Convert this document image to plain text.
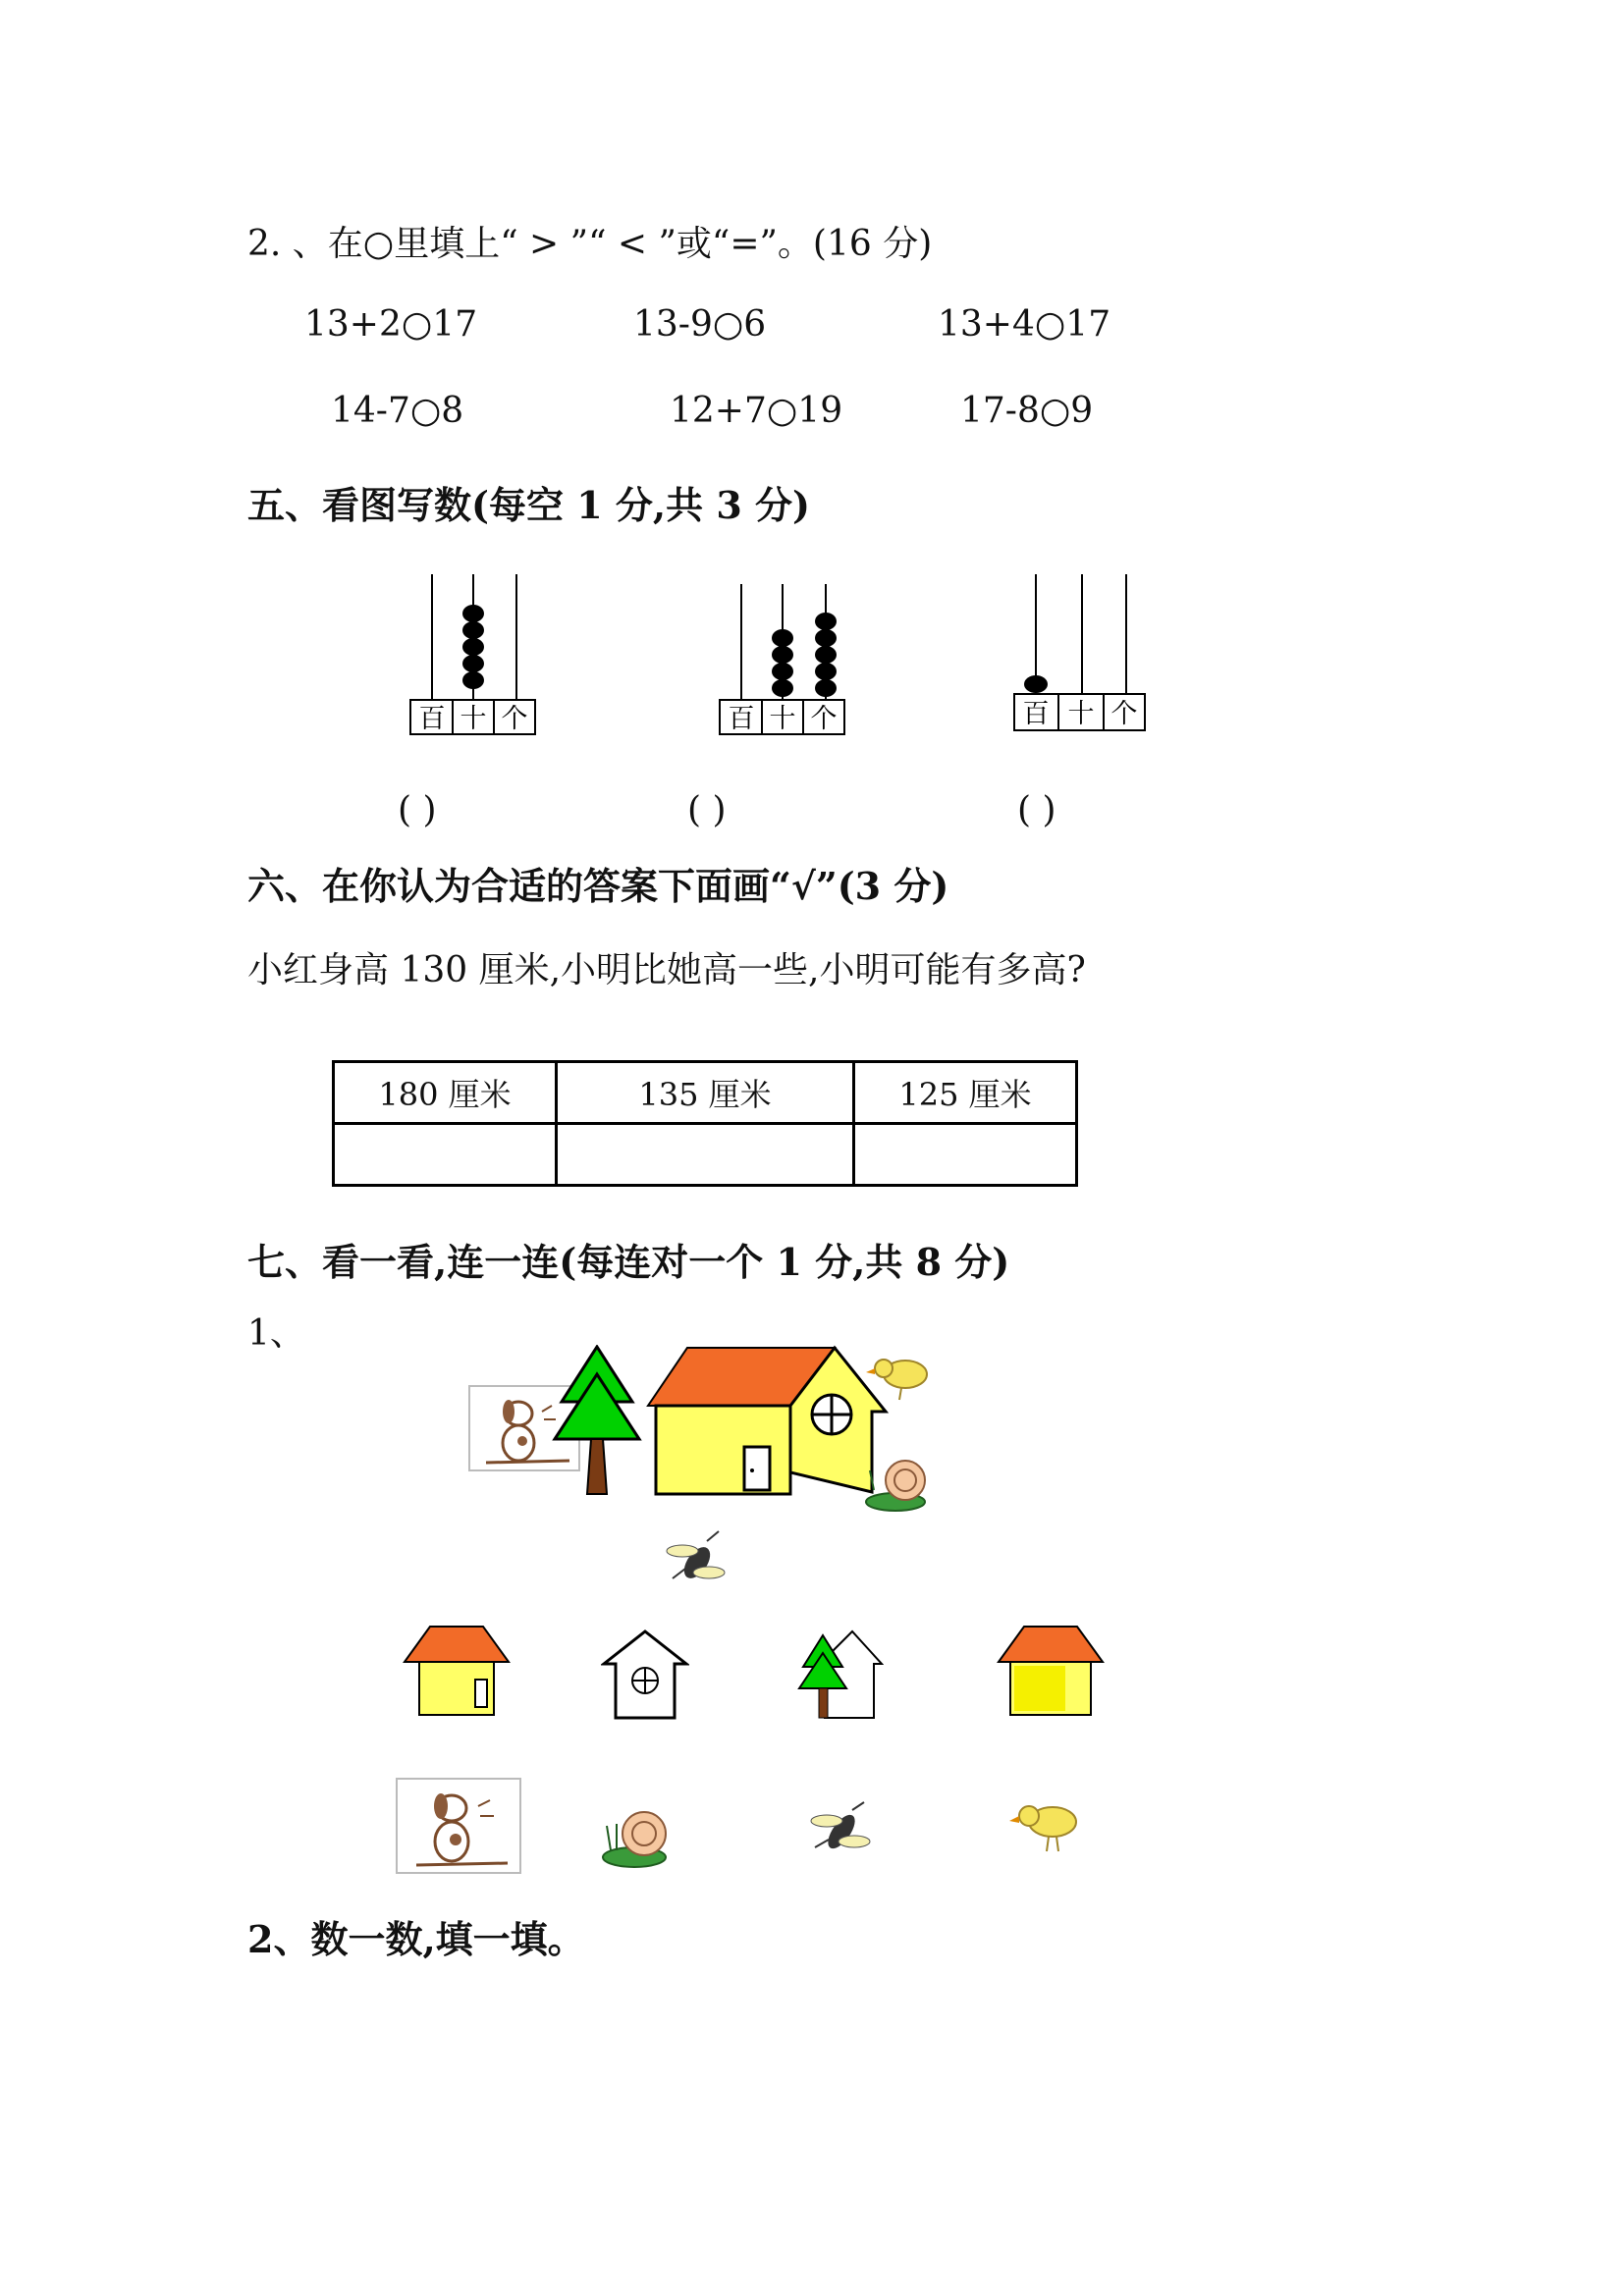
2. 、在○里填上“ > ”“ < ”或“=”。(16 分)
13+2○17	13-9○6	13+4○17
14-7○8	12+7○19	17-8○9
五、看图写数(每空 1 分,共 3 分)
百 十 个	百 十 个	百 十 个
( )	( )	( )
六、在你认为合适的答案下面画“√”(3 分)
小红身高 130 厘米,小明比她高一些,小明可能有多高?
180 厘米	135 厘米	125 厘米

七、看一看,连一连(每连对一个 1 分,共 8 分)
1、
2、数一数,填一填。
